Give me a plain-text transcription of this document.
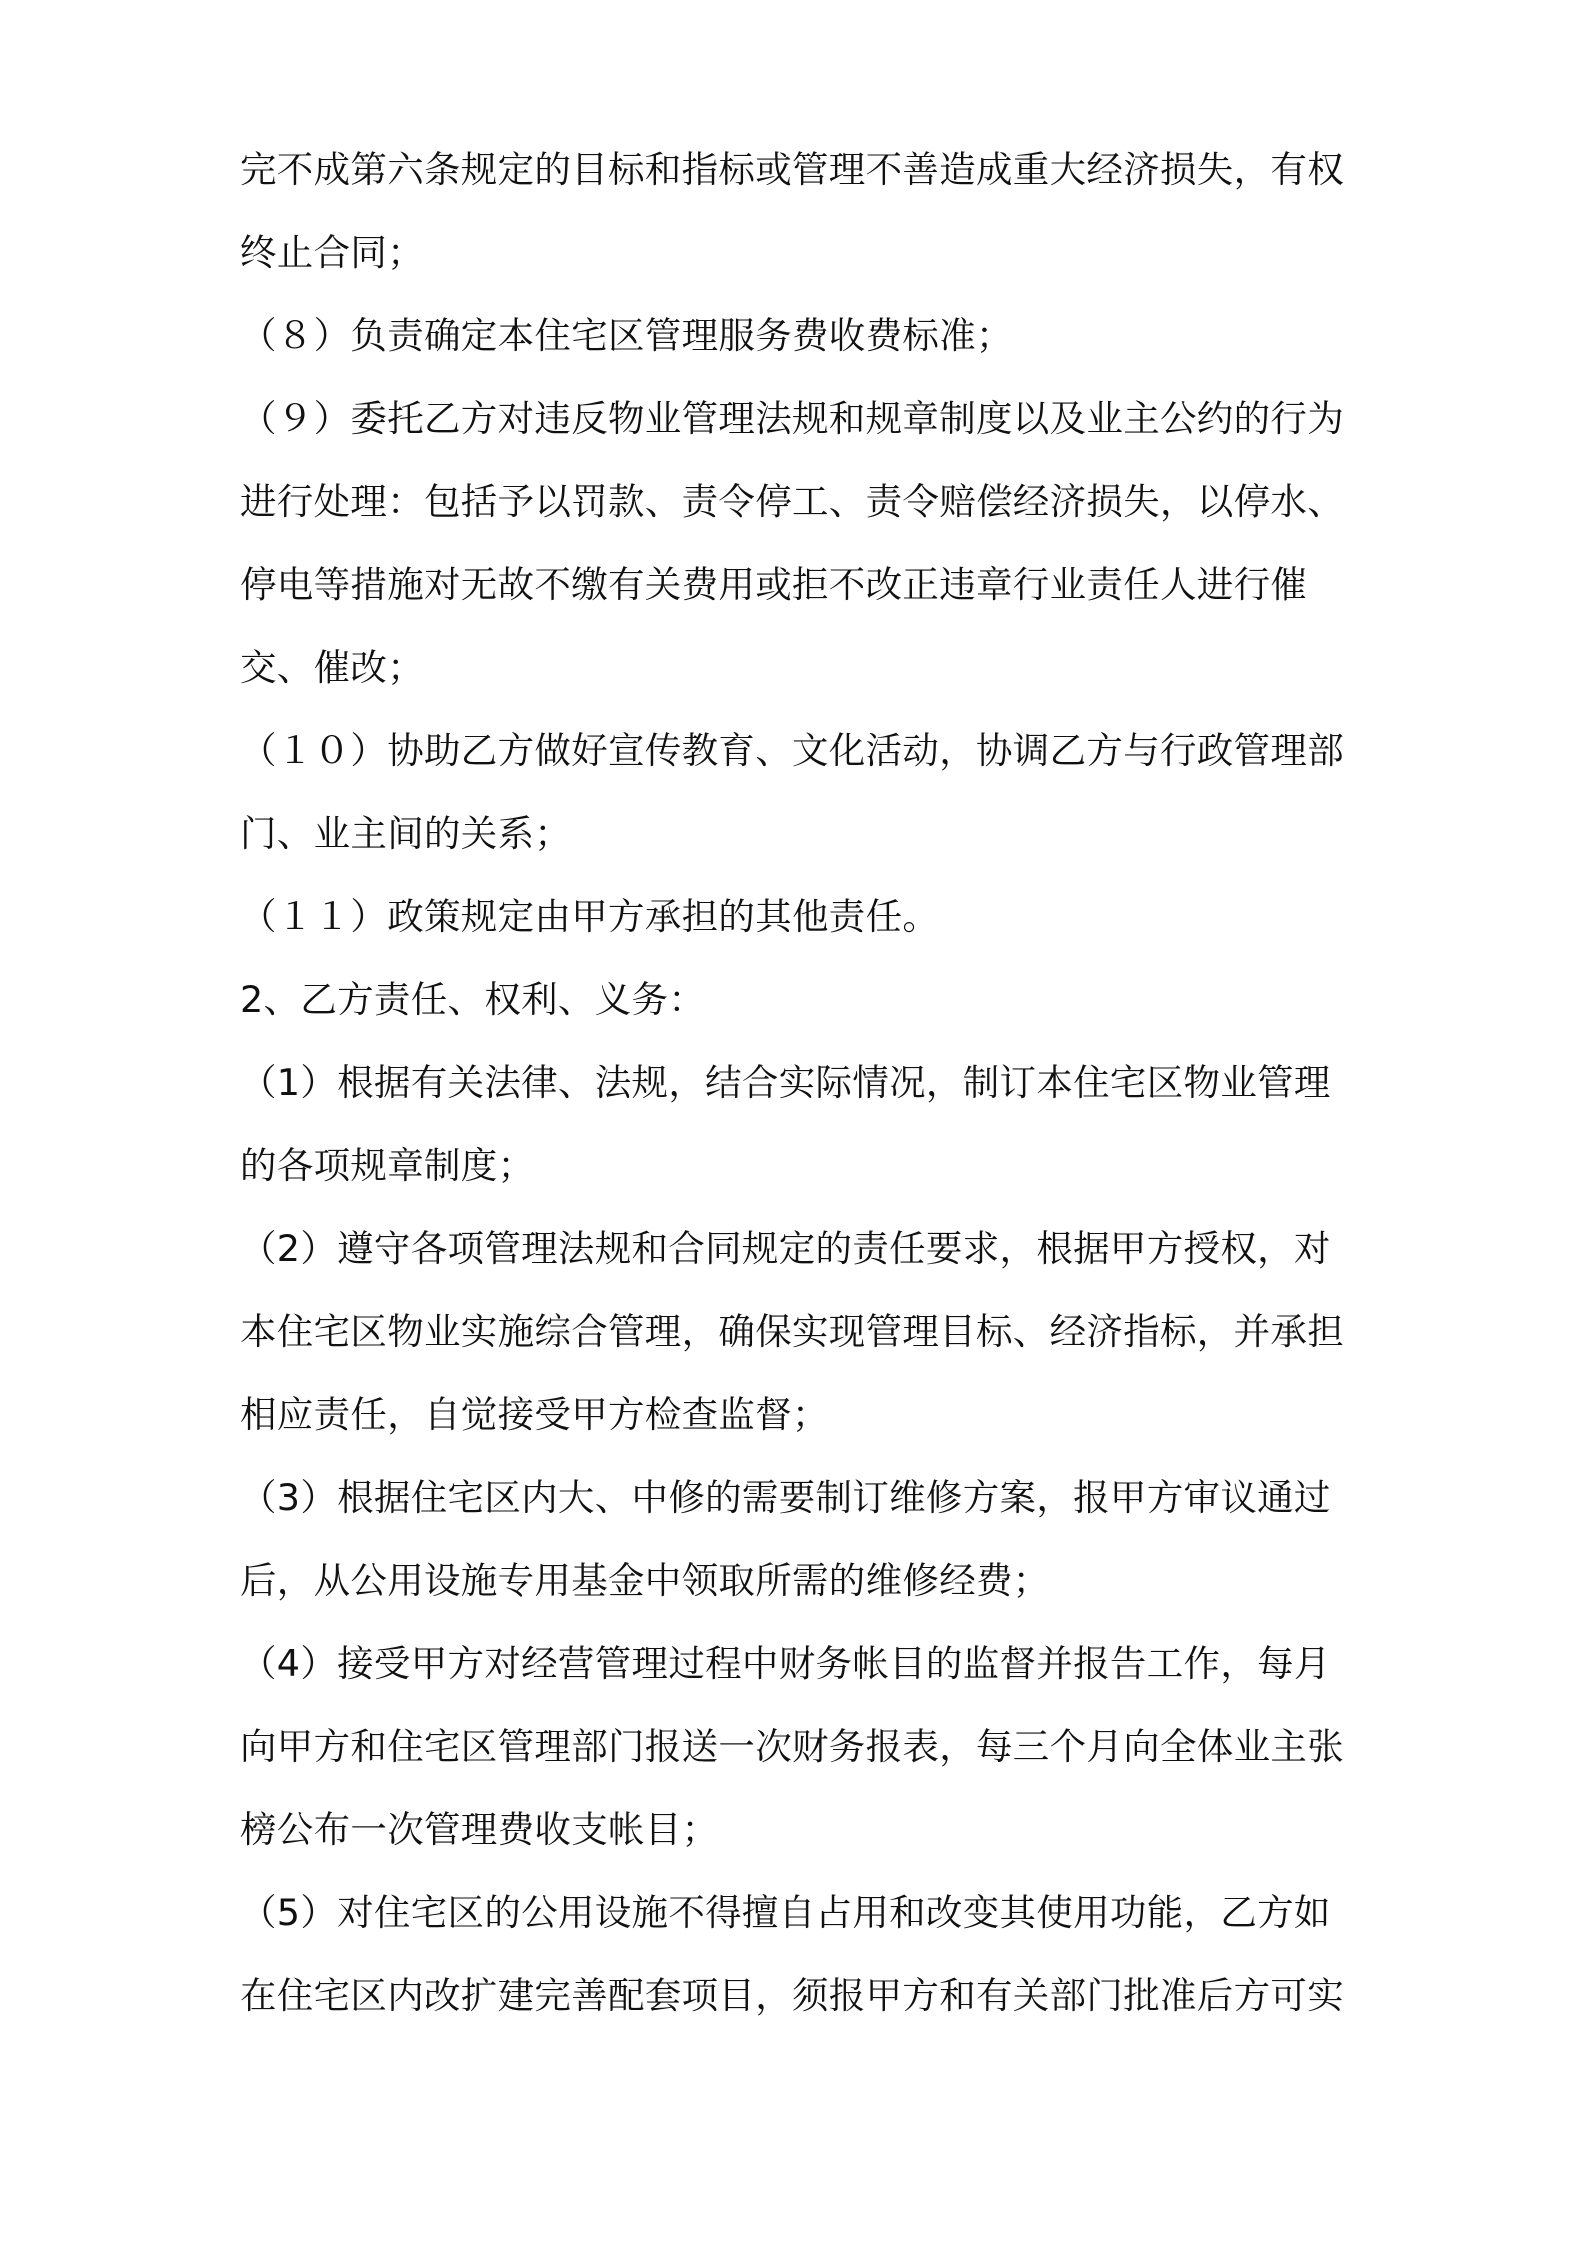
完不成第六条规定的目标和指标或管理不善造成重大经济损失，有权
终止合同；
（８）负责确定本住宅区管理服务费收费标准；
（９）委托乙方对违反物业管理法规和规章制度以及业主公约的行为
进行处理：包括予以罚款、责令停工、责令赔偿经济损失，以停水、
停电等措施对无故不缴有关费用或拒不改正违章行业责任人进行催
交、催改；
（１０）协助乙方做好宣传教育、文化活动，协调乙方与行政管理部
门、业主间的关系；
（１１）政策规定由甲方承担的其他责任。
2、乙方责任、权利、义务：
（1）根据有关法律、法规，结合实际情况，制订本住宅区物业管理
的各项规章制度；
（2）遵守各项管理法规和合同规定的责任要求，根据甲方授权，对
本住宅区物业实施综合管理，确保实现管理目标、经济指标，并承担
相应责任，自觉接受甲方检查监督；
（3）根据住宅区内大、中修的需要制订维修方案，报甲方审议通过
后，从公用设施专用基金中领取所需的维修经费；
（4）接受甲方对经营管理过程中财务帐目的监督并报告工作，每月
向甲方和住宅区管理部门报送一次财务报表，每三个月向全体业主张
榜公布一次管理费收支帐目；
（5）对住宅区的公用设施不得擅自占用和改变其使用功能，乙方如
在住宅区内改扩建完善配套项目，须报甲方和有关部门批准后方可实
